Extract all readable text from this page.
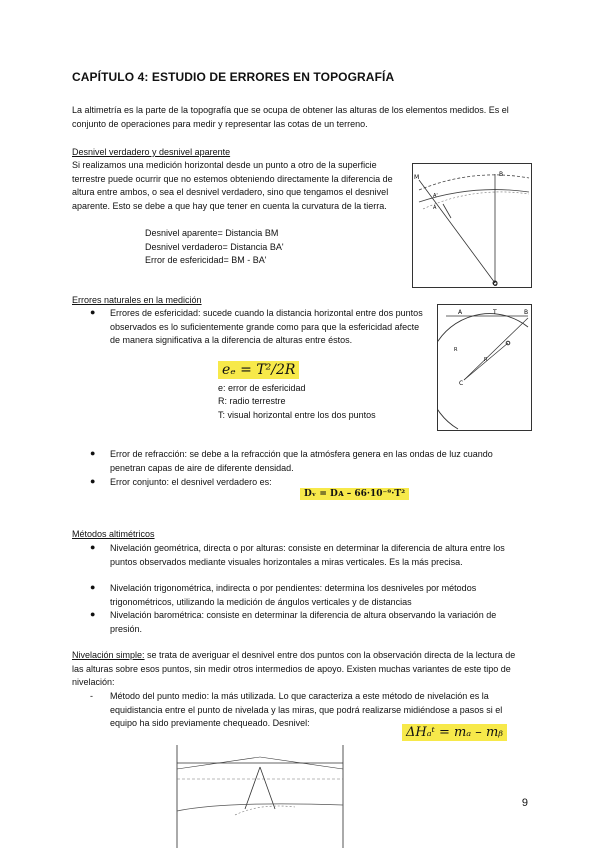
CAPÍTULO 4: ESTUDIO DE ERRORES EN TOPOGRAFÍA
La altimetría es la parte de la topografía que se ocupa de obtener las alturas de los elementos medidos. Es el conjunto de operaciones para medir y representar las cotas de un terreno.
Desnivel verdadero y desnivel aparente
Si realizamos una medición horizontal desde un punto a otro de la superficie terrestre puede ocurrir que no estemos obteniendo directamente la diferencia de altura entre ambos, o sea el desnivel verdadero, sino que tengamos el desnivel aparente. Esto se debe a que hay que tener en cuenta la curvatura de la tierra.
Desnivel aparente= Distancia BM
Desnivel verdadero= Distancia BA'
Error de esfericidad= BM - BA'
M
A'
A
B
O
Errores naturales en la medición
● Errores de esfericidad: sucede cuando la distancia horizontal entre dos puntos observados es lo suficientemente grande como para que la esfericidad afecte de manera significativa a la diferencia de alturas entre éstos.
eₑ = T²/2R
e: error de esfericidad
R: radio terrestre
T: visual horizontal entre los dos puntos
A	T	B
R
R
C
● Error de refracción: se debe a la refracción que la atmósfera genera en las ondas de luz cuando penetran capas de aire de diferente densidad.
● Error conjunto: el desnivel verdadero es:
Dᵥ = Dᴀ – 66·10⁻⁹·T²
Métodos altimétricos
● Nivelación geométrica, directa o por alturas: consiste en determinar la diferencia de altura entre los puntos observados mediante visuales horizontales a miras verticales. Es la más precisa.
● Nivelación trigonométrica, indirecta o por pendientes: determina los desniveles por métodos trigonométricos, utilizando la medición de ángulos verticales y de distancias
● Nivelación barométrica: consiste en determinar la diferencia de altura observando la variación de presión.
Nivelación simple: se trata de averiguar el desnivel entre dos puntos con la observación directa de la lectura de las alturas sobre esos puntos, sin medir otros intermedios de apoyo. Existen muchas variantes de este tipo de nivelación:
- Método del punto medio: la más utilizada. Lo que caracteriza a este método de nivelación es la equidistancia entre el punto de nivelada y las miras, que podrá realizarse midiéndose a pasos si el equipo ha sido previamente chequeado. Desnivel:
ΔHₐᵗ = mₐ – mᵦ
9
